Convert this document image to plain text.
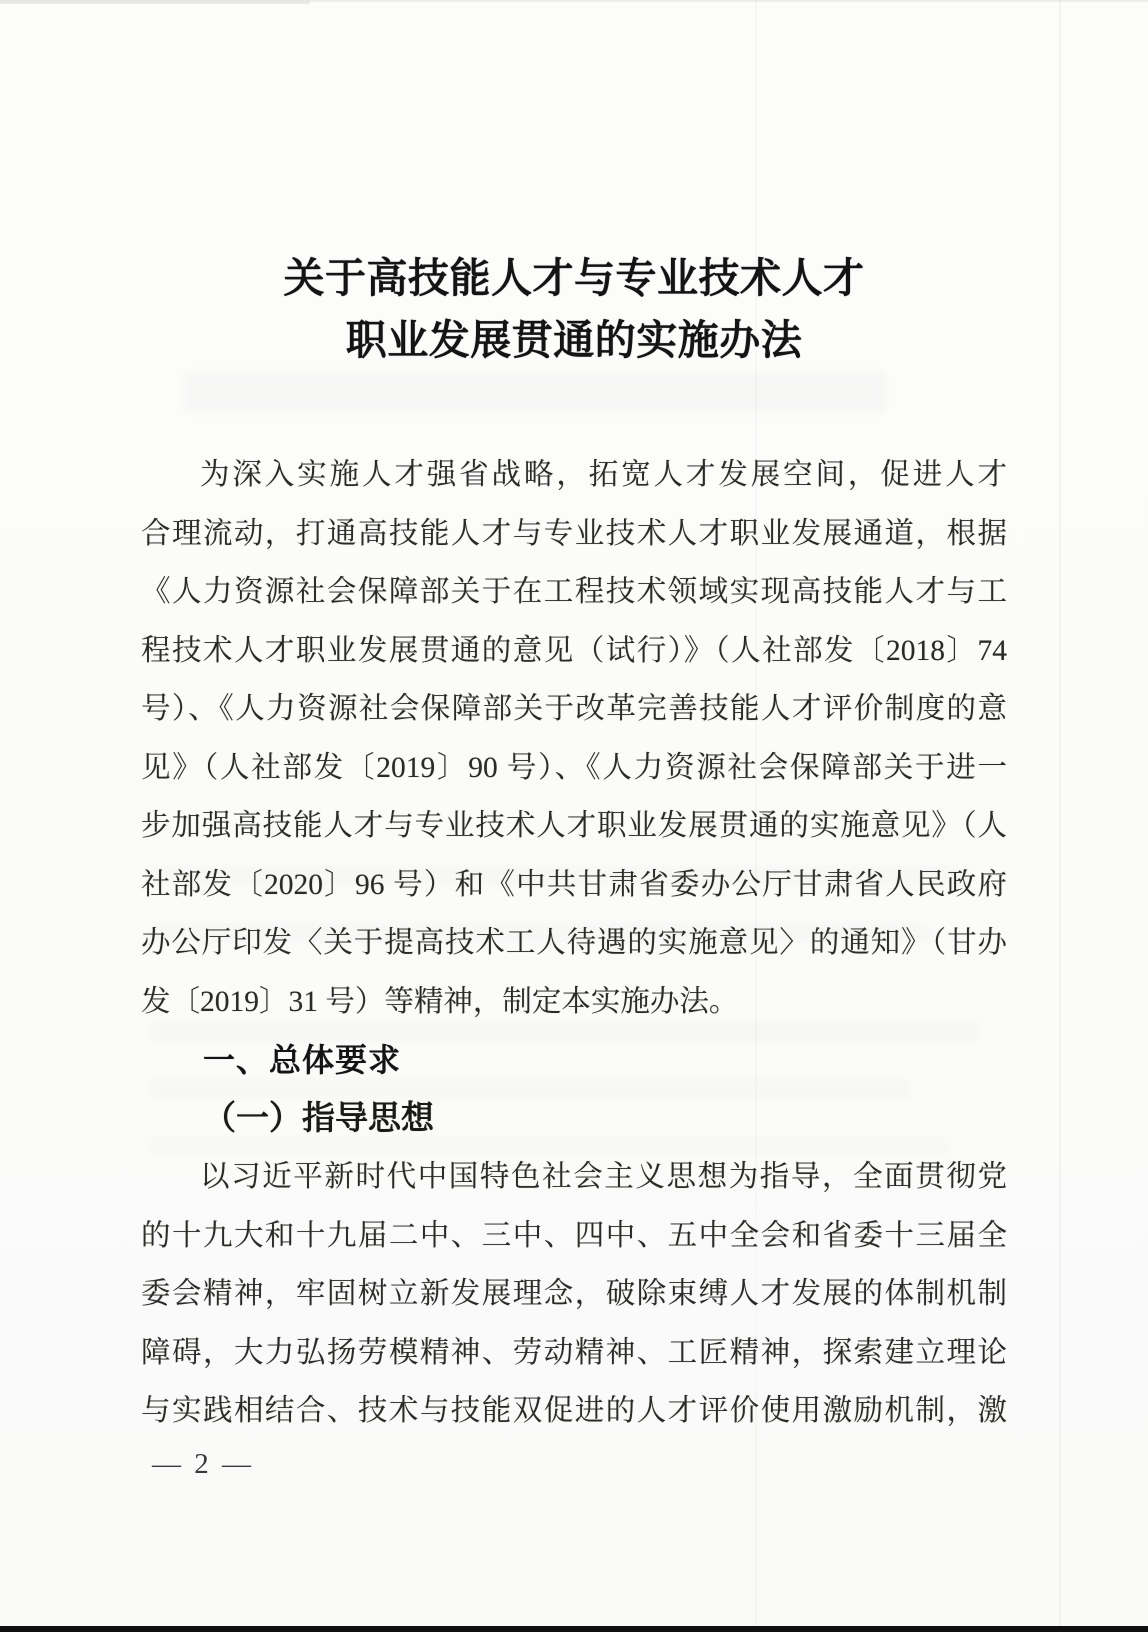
关于高技能人才与专业技术人才
职业发展贯通的实施办法
为深入实施人才强省战略，拓宽人才发展空间，促进人才
合理流动，打通高技能人才与专业技术人才职业发展通道，根据
《人力资源社会保障部关于在工程技术领域实现高技能人才与工
程技术人才职业发展贯通的意见（试行）》（人社部发〔2018〕74
号）、《人力资源社会保障部关于改革完善技能人才评价制度的意
见》（人社部发〔2019〕90 号）、《人力资源社会保障部关于进一
步加强高技能人才与专业技术人才职业发展贯通的实施意见》（人
社部发〔2020〕96 号）和《中共甘肃省委办公厅甘肃省人民政府
办公厅印发〈关于提高技术工人待遇的实施意见〉的通知》（甘办
发〔2019〕31 号）等精神，制定本实施办法。
一、总体要求
（一）指导思想
以习近平新时代中国特色社会主义思想为指导，全面贯彻党
的十九大和十九届二中、三中、四中、五中全会和省委十三届全
委会精神，牢固树立新发展理念，破除束缚人才发展的体制机制
障碍，大力弘扬劳模精神、劳动精神、工匠精神，探索建立理论
与实践相结合、技术与技能双促进的人才评价使用激励机制，激
— 2 —
